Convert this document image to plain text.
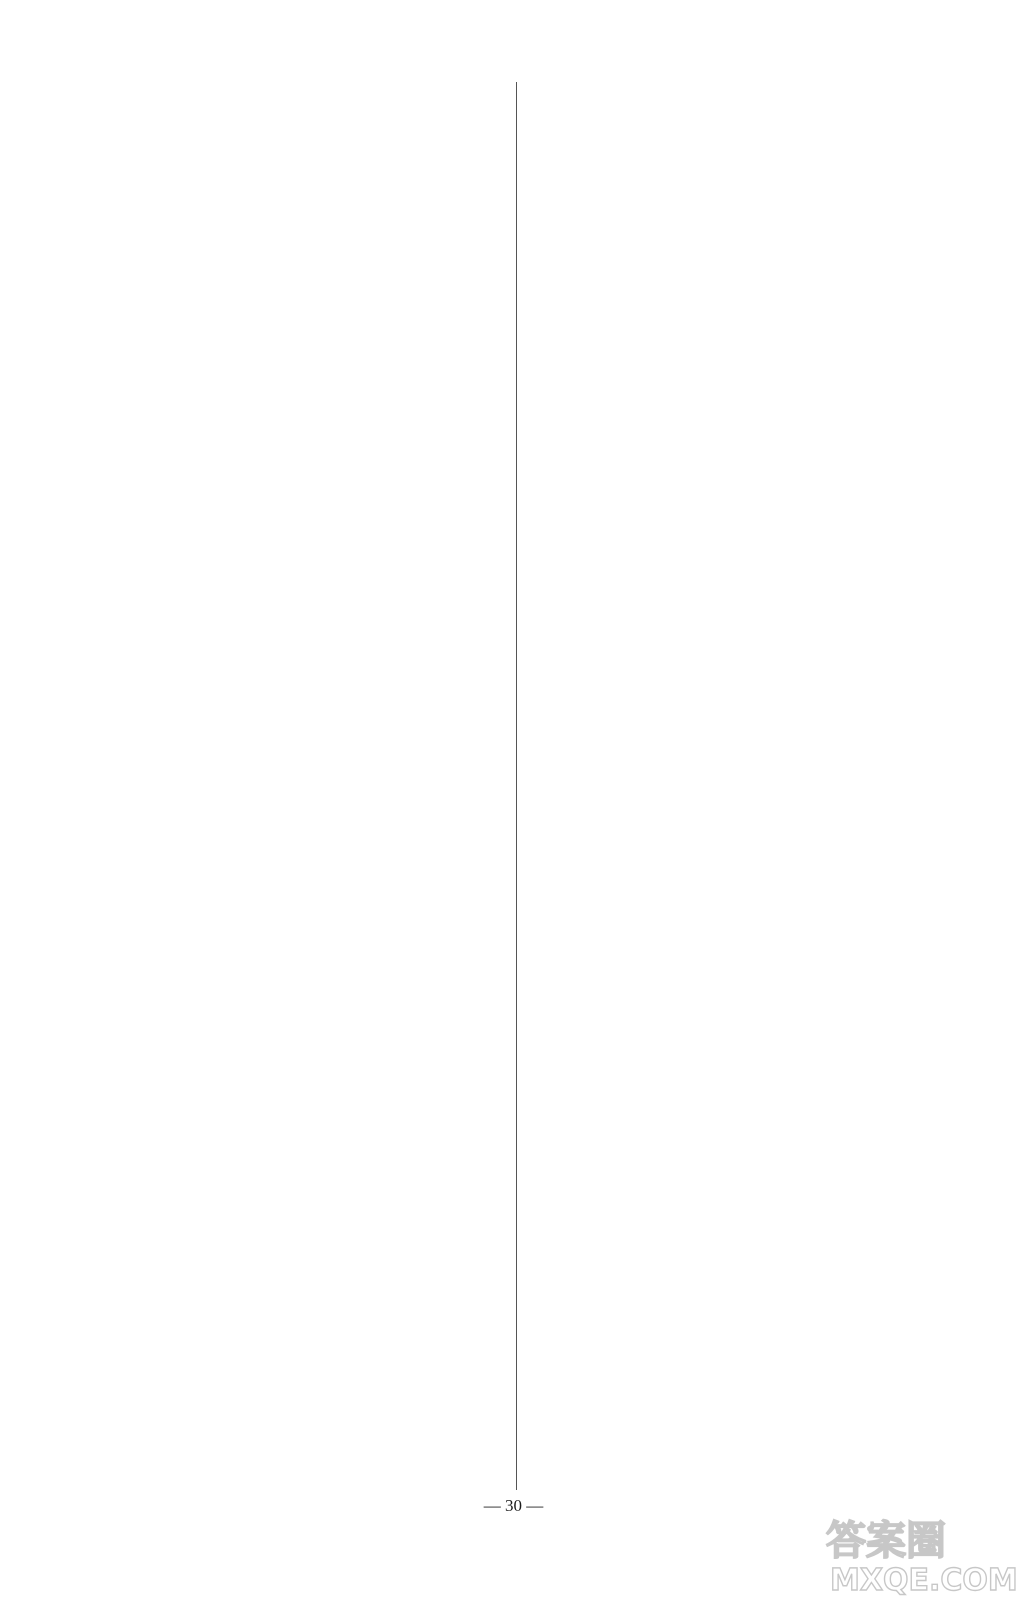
— 30 —
答案圈
MXQE.COM
